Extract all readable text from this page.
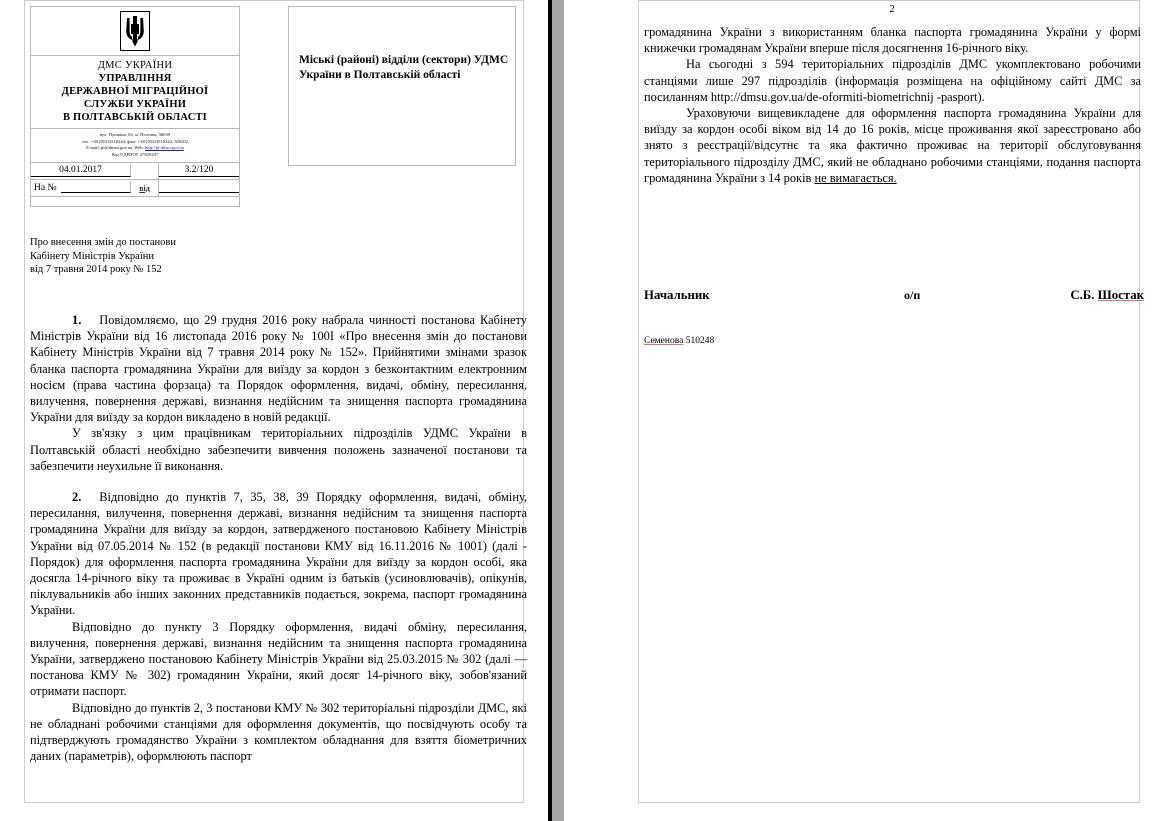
ДМС УКРАЇНИ
УПРАВЛІННЯ
ДЕРЖАВНОЇ МІГРАЦІЙНОЇ
СЛУЖБИ УКРАЇНИ
В ПОЛТАВСЬКІЙ ОБЛАСТІ
вул. Пушкіна, 63, м. Полтава, 36039
тел. +38 (0532)510244, факс +38 (0532)510244, 500202
E-mail: pl@dmsu.gov.ua, Web: http://pl.dmsu.gov.ua
Код ЄДРПОУ 37829297
04.01.2017	3.2/120
На №	від
Міські (районі) відділи (сектори) УДМС України в Полтавській області
Про внесення змін до постанови
Кабінету Міністрів України
від 7 травня 2014 року № 152

1. Повідомляємо, що 29 грудня 2016 року набрала чинності постанова Кабінету Міністрів України від 16 листопада 2016 року № 100I «Про внесення змін до постанови Кабінету Міністрів України від 7 травня 2014 року № 152». Прийнятими змінами зразок бланка паспорта громадянина України для виїзду за кордон з безконтактним електронним носієм (права частина форзаца) та Порядок оформлення, видачі, обміну, пересилання, вилучення, повернення державі, визнання недійсним та знищення паспорта громадянина України для виїзду за кордон викладено в новій редакції.

У зв'язку з цим працівникам територіальних підрозділів УДМС України в Полтавській області необхідно забезпечити вивчення положень зазначеної постанови та забезпечити неухильне її виконання.

2. Відповідно до пунктів 7, 35, 38, 39 Порядку оформлення, видачі, обміну, пересилання, вилучення, повернення державі, визнання недійсним та знищення паспорта громадянина України для виїзду за кордон, затвердженого постановою Кабінету Міністрів України від 07.05.2014 № 152 (в редакції постанови КМУ від 16.11.2016 № 1001) (далі - Порядок) для оформлення паспорта громадянина України для виїзду за кордон особі, яка досягла 14-річного віку та проживає в Україні одним із батьків (усиновлювачів), опікунів, піклувальників або інших законних представників подається, зокрема, паспорт громадянина України.

Відповідно до пункту 3 Порядку оформлення, видачі обміну, пересилання, вилучення, повернення державі, визнання недійсним та знищення паспорта громадянина України, затверджено постановою Кабінету Міністрів України від 25.03.2015 № 302 (далі — постанова КМУ № 302) громадянин України, який досяг 14-річного віку, зобов'язаний отримати паспорт.

Відповідно до пунктів 2, 3 постанови КМУ № 302 територіальні підрозділи ДМС, які не обладнані робочими станціями для оформлення документів, що посвідчують особу та підтверджують громадянство України з комплектом обладнання для взяття біометричних даних (параметрів), оформлюють паспорт

2

громадянина України з використанням бланка паспорта громадянина України у формі книжечки громадянам України вперше після досягнення 16-річного віку.

На сьогодні з 594 територіальних підрозділів ДМС укомплектовано робочими станціями лише 297 підрозділів (інформація розміщена на офіційному сайті ДМС за посиланням http://dmsu.gov.ua/de-oformiti-biometrichnij -pasport).

Ураховуючи вищевикладене для оформлення паспорта громадянина України для виїзду за кордон особі віком від 14 до 16 років, місце проживання якої зареєстровано або знято з реєстрації/відсутнє та яка фактично проживає на території обслуговування територіального підрозділу ДМС, який не обладнано робочими станціями, подання паспорта громадянина України з 14 років не вимагається.

Начальник	о/п	С.Б. Шостак
Семенова 510248
